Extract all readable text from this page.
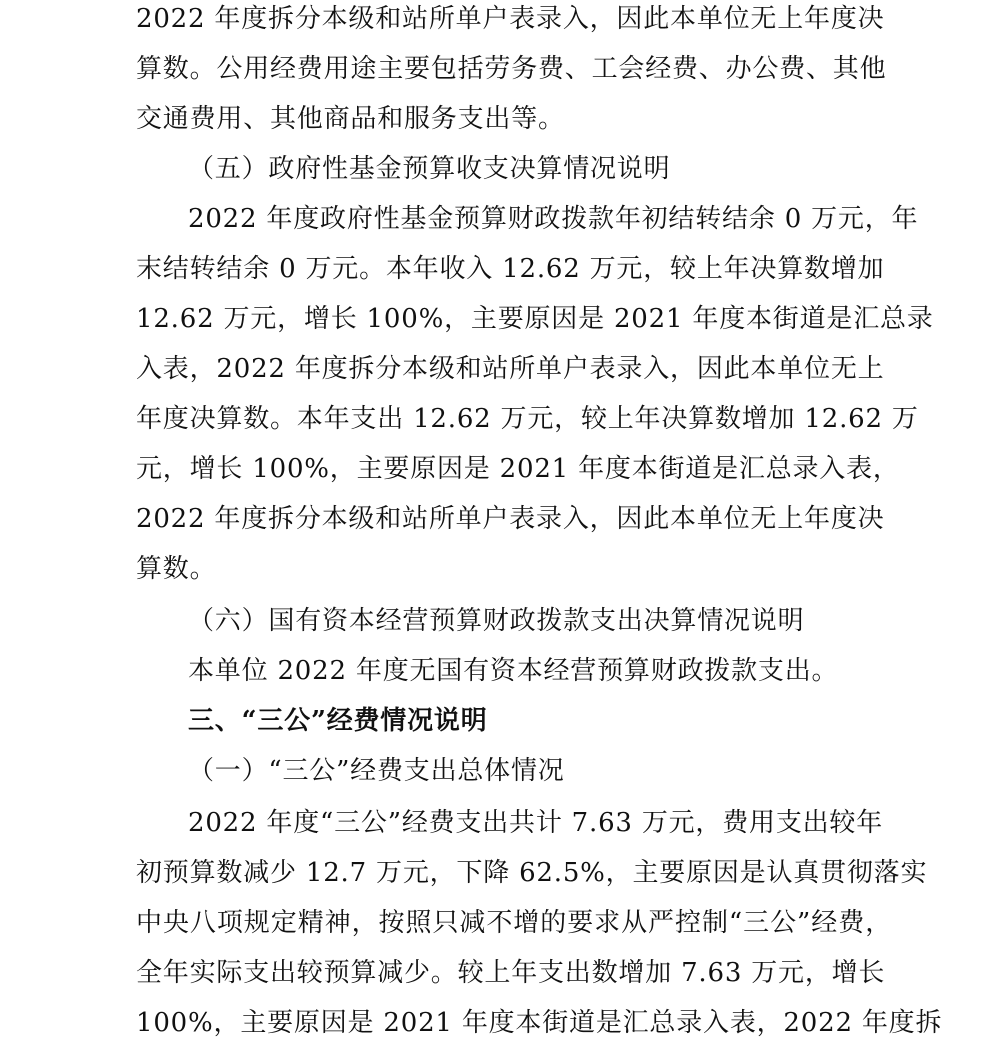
2022 年度拆分本级和站所单户表录入，因此本单位无上年度决
算数。公用经费用途主要包括劳务费、工会经费、办公费、其他
交通费用、其他商品和服务支出等。
（五）政府性基金预算收支决算情况说明
2022 年度政府性基金预算财政拨款年初结转结余 0 万元，年
末结转结余 0 万元。本年收入 12.62 万元，较上年决算数增加
12.62 万元，增长 100%，主要原因是 2021 年度本街道是汇总录
入表，2022 年度拆分本级和站所单户表录入，因此本单位无上
年度决算数。本年支出 12.62 万元，较上年决算数增加 12.62 万
元，增长 100%，主要原因是 2021 年度本街道是汇总录入表，
2022 年度拆分本级和站所单户表录入，因此本单位无上年度决
算数。
（六）国有资本经营预算财政拨款支出决算情况说明
本单位 2022 年度无国有资本经营预算财政拨款支出。
三、“三公”经费情况说明
（一）“三公”经费支出总体情况
2022 年度“三公”经费支出共计 7.63 万元，费用支出较年
初预算数减少 12.7 万元，下降 62.5%，主要原因是认真贯彻落实
中央八项规定精神，按照只减不增的要求从严控制“三公”经费，
全年实际支出较预算减少。较上年支出数增加 7.63 万元，增长
100%，主要原因是 2021 年度本街道是汇总录入表，2022 年度拆
